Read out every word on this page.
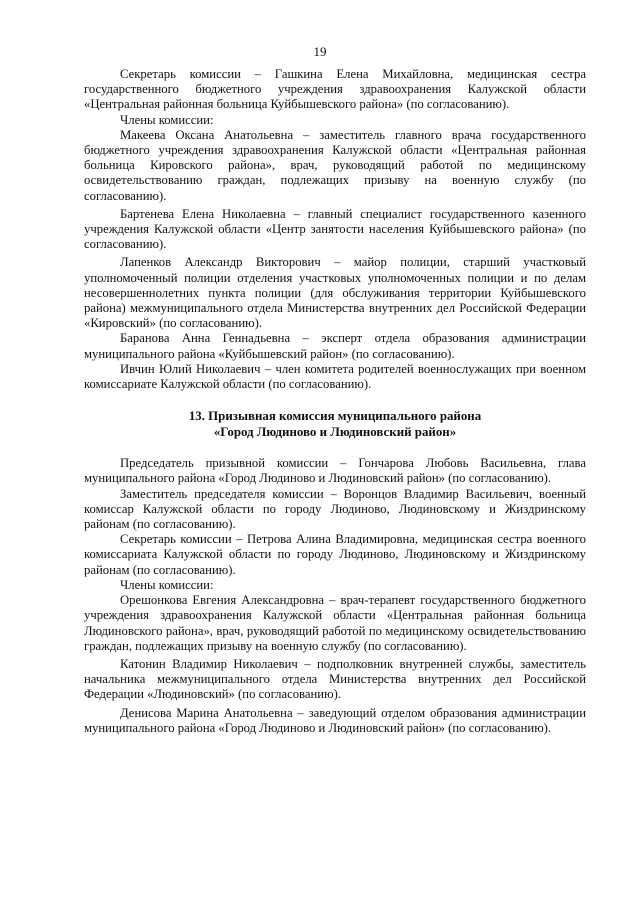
19

Секретарь комиссии – Гашкина Елена Михайловна, медицинская сестра государственного бюджетного учреждения здравоохранения Калужской области «Центральная районная больница Куйбышевского района» (по согласованию).

Члены комиссии:

Макеева Оксана Анатольевна – заместитель главного врача государственного бюджетного учреждения здравоохранения Калужской области «Центральная районная больница Кировского района», врач, руководящий работой по медицинскому освидетельствованию граждан, подлежащих призыву на военную службу (по согласованию).

Бартенева Елена Николаевна – главный специалист государственного казенного учреждения Калужской области «Центр занятости населения Куйбышевского района» (по согласованию).

Лапенков Александр Викторович – майор полиции, старший участковый уполномоченный полиции отделения участковых уполномоченных полиции и по делам несовершеннолетних пункта полиции (для обслуживания территории Куйбышевского района) межмуниципального отдела Министерства внутренних дел Российской Федерации «Кировский» (по согласованию).

Баранова Анна Геннадьевна – эксперт отдела образования администрации муниципального района «Куйбышевский район» (по согласованию).

Ивчин Юлий Николаевич – член комитета родителей военнослужащих при военном комиссариате Калужской области (по согласованию).

13. Призывная комиссия муниципального района
«Город Людиново и Людиновский район»

Председатель призывной комиссии – Гончарова Любовь Васильевна, глава муниципального района «Город Людиново и Людиновский район» (по согласованию).

Заместитель председателя комиссии – Воронцов Владимир Васильевич, военный комиссар Калужской области по городу Людиново, Людиновскому и Жиздринскому районам (по согласованию).

Секретарь комиссии – Петрова Алина Владимировна, медицинская сестра военного комиссариата Калужской области по городу Людиново, Людиновскому и Жиздринскому районам (по согласованию).

Члены комиссии:

Орешонкова Евгения Александровна – врач-терапевт государственного бюджетного учреждения здравоохранения Калужской области «Центральная районная больница Людиновского района», врач, руководящий работой по медицинскому освидетельствованию граждан, подлежащих призыву на военную службу (по согласованию).

Катонин Владимир Николаевич – подполковник внутренней службы, заместитель начальника межмуниципального отдела Министерства внутренних дел Российской Федерации «Людиновский» (по согласованию).

Денисова Марина Анатольевна – заведующий отделом образования администрации муниципального района «Город Людиново и Людиновский район» (по согласованию).
